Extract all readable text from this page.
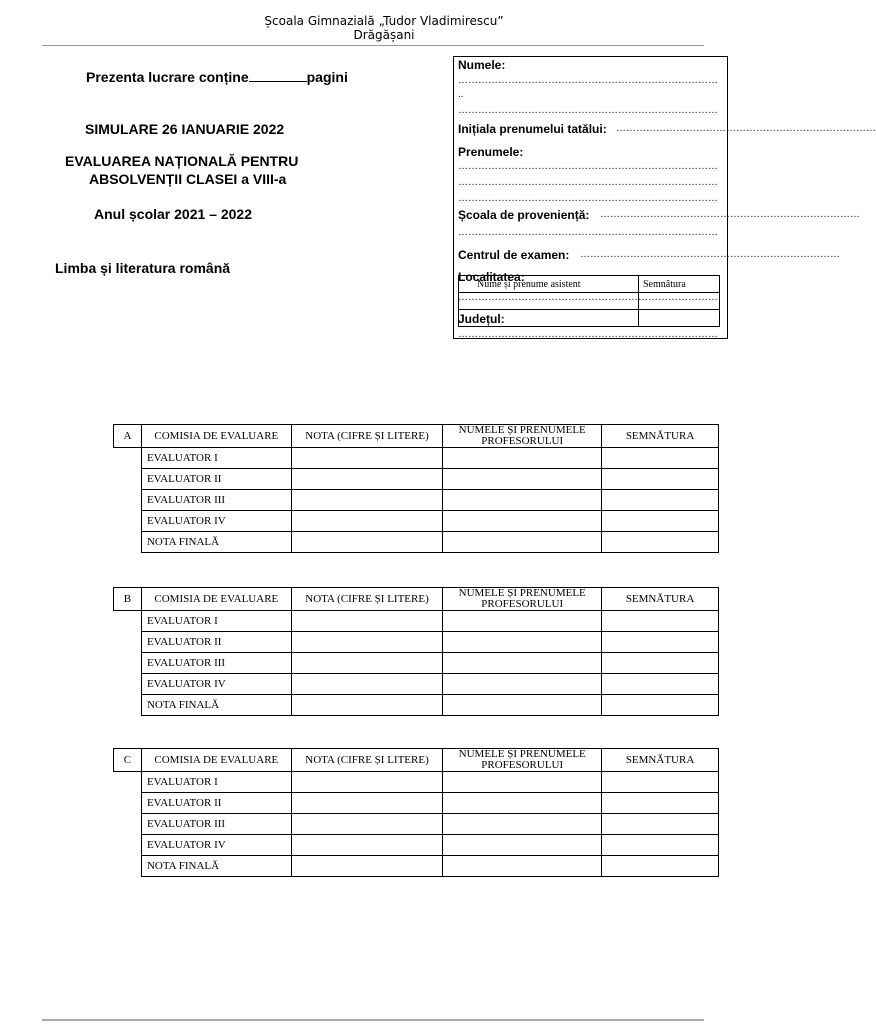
Școala Gimnazială „Tudor Vladimirescu”
Drăgășani
Prezenta lucrare conține	pagini
SIMULARE 26 IANUARIE 2022
EVALUAREA NAȚIONALĂ PENTRU
ABSOLVENȚII CLASEI a VIII-a
Anul școlar 2021 – 2022
Limba și literatura română
Numele:
……………………………………………………………………
..
……………………………………………………………………
Inițiala prenumelui tatălui: ……………………………………………………………………
Prenumele:
……………………………………………………………………
……………………………………………………………………
……………………………………………………………………
Școala de proveniență: ……………………………………………………………………
……………………………………………………………………
Centrul de examen: ……………………………………………………………………
Localitatea:
Nume și prenume asistent	Semnătura

……………………………………………………………………
Județul:
……………………………………………………………………
A	COMISIA DE EVALUARE	NOTA (CIFRE ȘI LITERE)	NUMELE ȘI PRENUMELE PROFESORULUI	SEMNĂTURA
	EVALUATOR I			
	EVALUATOR II			
	EVALUATOR III			
	EVALUATOR IV			
	NOTA FINALĂ			
B	COMISIA DE EVALUARE	NOTA (CIFRE ȘI LITERE)	NUMELE ȘI PRENUMELE PROFESORULUI	SEMNĂTURA
	EVALUATOR I			
	EVALUATOR II			
	EVALUATOR III			
	EVALUATOR IV			
	NOTA FINALĂ			
C	COMISIA DE EVALUARE	NOTA (CIFRE ȘI LITERE)	NUMELE ȘI PRENUMELE PROFESORULUI	SEMNĂTURA
	EVALUATOR I			
	EVALUATOR II			
	EVALUATOR III			
	EVALUATOR IV			
	NOTA FINALĂ			
